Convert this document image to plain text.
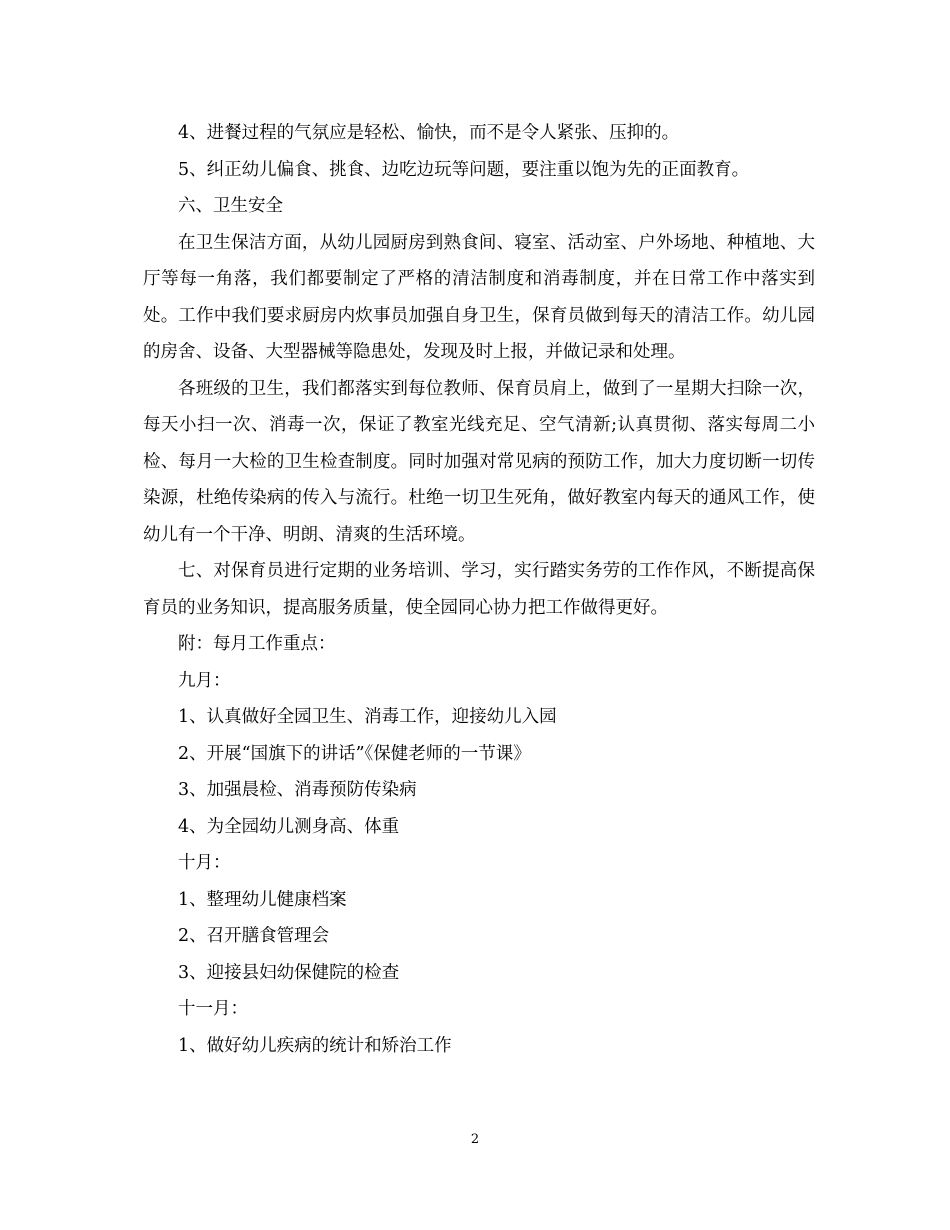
4、进餐过程的气氛应是轻松、愉快，而不是令人紧张、压抑的。

5、纠正幼儿偏食、挑食、边吃边玩等问题，要注重以饱为先的正面教育。

六、卫生安全

在卫生保洁方面，从幼儿园厨房到熟食间、寝室、活动室、户外场地、种植地、大厅等每一角落，我们都要制定了严格的清洁制度和消毒制度，并在日常工作中落实到处。工作中我们要求厨房内炊事员加强自身卫生，保育员做到每天的清洁工作。幼儿园的房舍、设备、大型器械等隐患处，发现及时上报，并做记录和处理。

各班级的卫生，我们都落实到每位教师、保育员肩上，做到了一星期大扫除一次，每天小扫一次、消毒一次，保证了教室光线充足、空气清新;认真贯彻、落实每周二小检、每月一大检的卫生检查制度。同时加强对常见病的预防工作，加大力度切断一切传染源，杜绝传染病的传入与流行。杜绝一切卫生死角，做好教室内每天的通风工作，使幼儿有一个干净、明朗、清爽的生活环境。

七、对保育员进行定期的业务培训、学习，实行踏实务劳的工作作风，不断提高保育员的业务知识，提高服务质量，使全园同心协力把工作做得更好。

附：每月工作重点：

九月：

1、认真做好全园卫生、消毒工作，迎接幼儿入园

2、开展“国旗下的讲话”《保健老师的一节课》

3、加强晨检、消毒预防传染病

4、为全园幼儿测身高、体重

十月：

1、整理幼儿健康档案

2、召开膳食管理会

3、迎接县妇幼保健院的检查

十一月：

1、做好幼儿疾病的统计和矫治工作

2
